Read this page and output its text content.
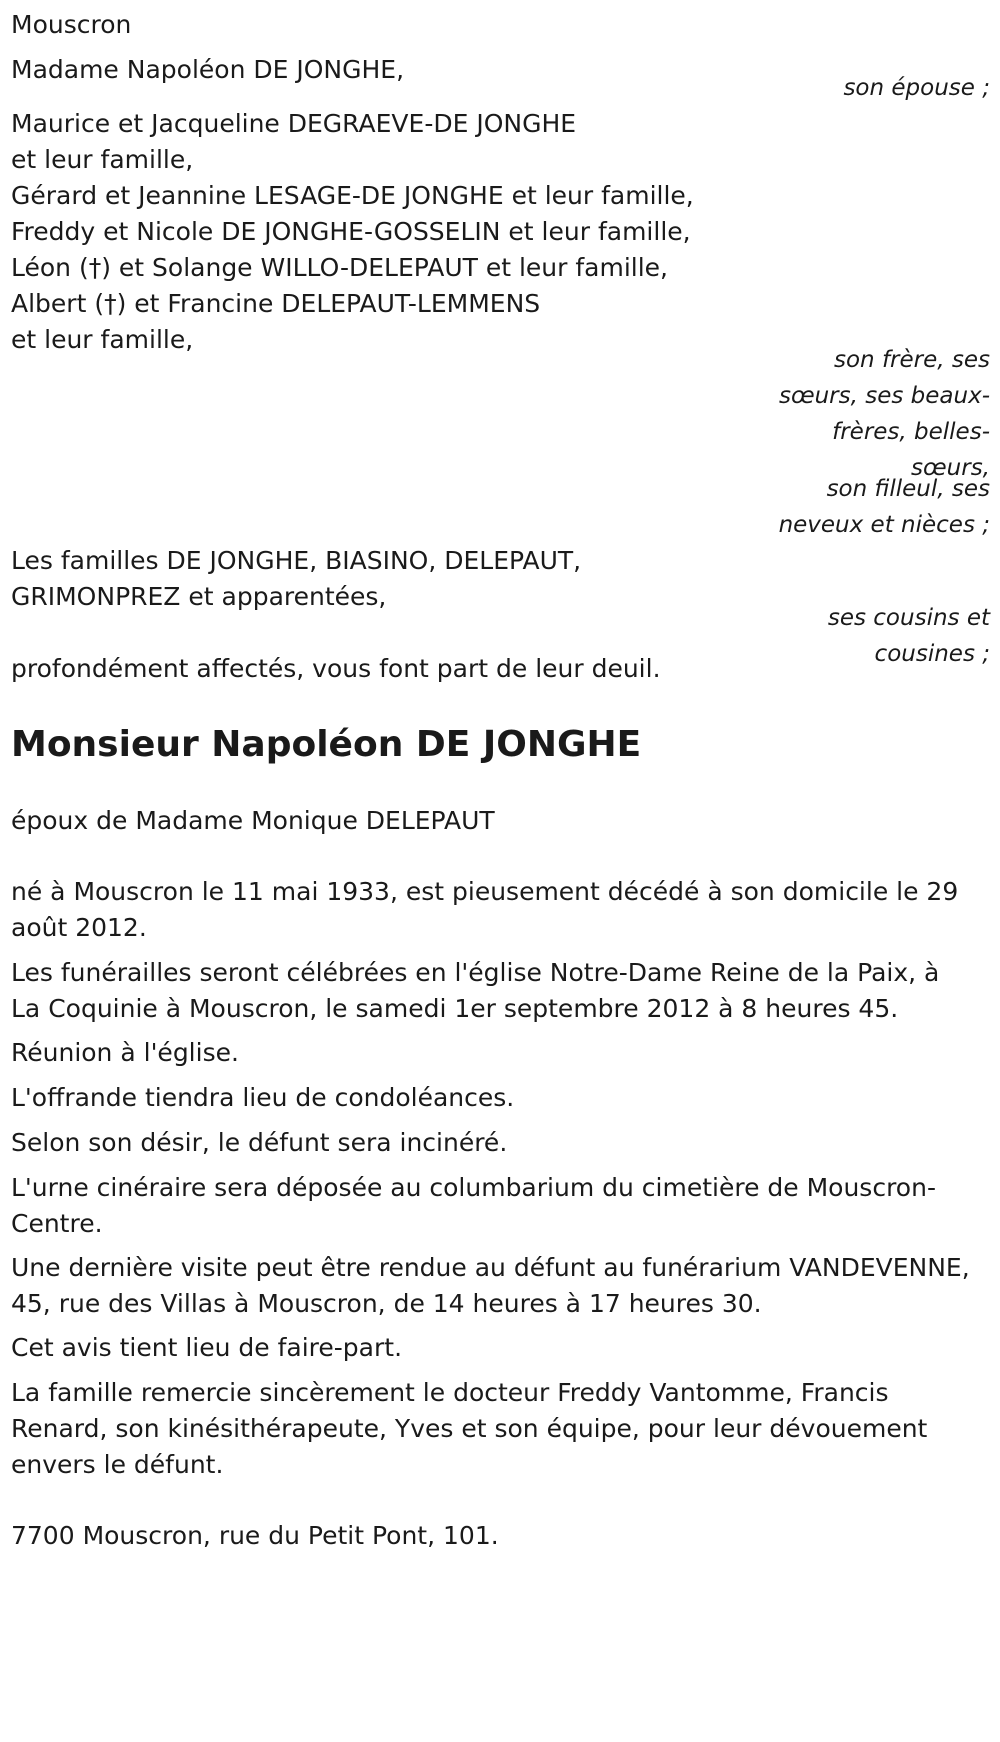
Mouscron

Madame Napoléon DE JONGHE,

son épouse ;

Maurice et Jacqueline DEGRAEVE-DE JONGHE

et leur famille,

Gérard et Jeannine LESAGE-DE JONGHE et leur famille,

Freddy et Nicole DE JONGHE-GOSSELIN et leur famille,

Léon (†) et Solange WILLO-DELEPAUT et leur famille,

Albert (†) et Francine DELEPAUT-LEMMENS

et leur famille,

son frère, ses

sœurs, ses beaux-

frères, belles-

sœurs,

son filleul, ses

neveux et nièces ;

Les familles DE JONGHE, BIASINO, DELEPAUT,

GRIMONPREZ et apparentées,

ses cousins et

cousines ;

profondément affectés, vous font part de leur deuil.

Monsieur Napoléon DE JONGHE

époux de Madame Monique DELEPAUT

né à Mouscron le 11 mai 1933, est pieusement décédé à son domicile le 29 août 2012.

Les funérailles seront célébrées en l'église Notre-Dame Reine de la Paix, à La Coquinie à Mouscron, le samedi 1er septembre 2012 à 8 heures 45.

Réunion à l'église.

L'offrande tiendra lieu de condoléances.

Selon son désir, le défunt sera incinéré.

L'urne cinéraire sera déposée au columbarium du cimetière de Mouscron-Centre.

Une dernière visite peut être rendue au défunt au funérarium VANDEVENNE, 45, rue des Villas à Mouscron, de 14 heures à 17 heures 30.

Cet avis tient lieu de faire-part.

La famille remercie sincèrement le docteur Freddy Vantomme, Francis Renard, son kinésithérapeute, Yves et son équipe, pour leur dévouement envers le défunt.

7700 Mouscron, rue du Petit Pont, 101.
